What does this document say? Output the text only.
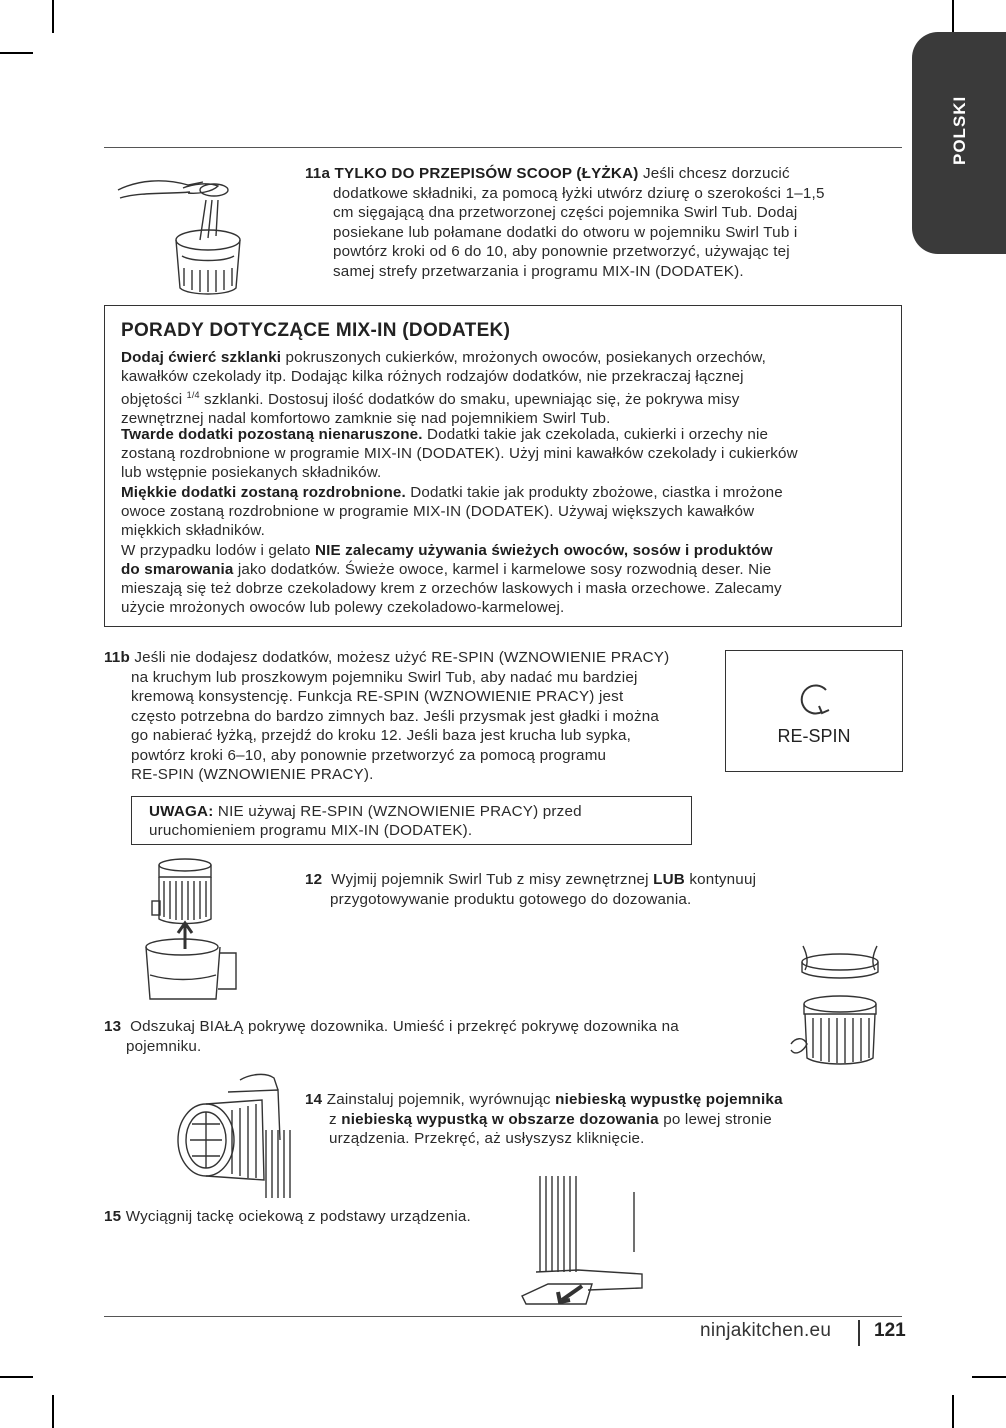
POLSKI
11a TYLKO DO PRZEPISÓW SCOOP (ŁYŻKA) Jeśli chcesz dorzucić
dodatkowe składniki, za pomocą łyżki utwórz dziurę o szerokości 1–1,5
cm sięgającą dna przetworzonej części pojemnika Swirl Tub. Dodaj
posiekane lub połamane dodatki do otworu w pojemniku Swirl Tub i
powtórz kroki od 6 do 10, aby ponownie przetworzyć, używając tej
samej strefy przetwarzania i programu MIX-IN (DODATEK).
PORADY DOTYCZĄCE MIX-IN (DODATEK)
Dodaj ćwierć szklanki pokruszonych cukierków, mrożonych owoców, posiekanych orzechów,
kawałków czekolady itp. Dodając kilka różnych rodzajów dodatków, nie przekraczaj łącznej
objętości $^{1/4}$ szklanki. Dostosuj ilość dodatków do smaku, upewniając się, że pokrywa misy
zewnętrznej nadal komfortowo zamknie się nad pojemnikiem Swirl Tub.
Twarde dodatki pozostaną nienaruszone. Dodatki takie jak czekolada, cukierki i orzechy nie
zostaną rozdrobnione w programie MIX-IN (DODATEK). Użyj mini kawałków czekolady i cukierków
lub wstępnie posiekanych składników.
Miękkie dodatki zostaną rozdrobnione. Dodatki takie jak produkty zbożowe, ciastka i mrożone
owoce zostaną rozdrobnione w programie MIX-IN (DODATEK). Używaj większych kawałków
miękkich składników.
W przypadku lodów i gelato NIE zalecamy używania świeżych owoców, sosów i produktów
do smarowania jako dodatków. Świeże owoce, karmel i karmelowe sosy rozwodnią deser. Nie
mieszają się też dobrze czekoladowy krem z orzechów laskowych i masła orzechowe. Zalecamy
użycie mrożonych owoców lub polewy czekoladowo-karmelowej.
11b Jeśli nie dodajesz dodatków, możesz użyć RE-SPIN (WZNOWIENIE PRACY)
na kruchym lub proszkowym pojemniku Swirl Tub, aby nadać mu bardziej
kremową konsystencję. Funkcja RE-SPIN (WZNOWIENIE PRACY) jest
często potrzebna do bardzo zimnych baz. Jeśli przysmak jest gładki i można
go nabierać łyżką, przejdź do kroku 12. Jeśli baza jest krucha lub sypka,
powtórz kroki 6–10, aby ponownie przetworzyć za pomocą programu
RE-SPIN (WZNOWIENIE PRACY).
RE-SPIN
UWAGA: NIE używaj RE-SPIN (WZNOWIENIE PRACY) przed
uruchomieniem programu MIX-IN (DODATEK).
12 Wyjmij pojemnik Swirl Tub z misy zewnętrznej LUB kontynuuj
przygotowywanie produktu gotowego do dozowania.
13 Odszukaj BIAŁĄ pokrywę dozownika. Umieść i przekręć pokrywę dozownika na
pojemniku.
14 Zainstaluj pojemnik, wyrównując niebieską wypustkę pojemnika
z niebieską wypustką w obszarze dozowania po lewej stronie
urządzenia. Przekręć, aż usłyszysz kliknięcie.
15 Wyciągnij tackę ociekową z podstawy urządzenia.
ninjakitchen.eu 121
